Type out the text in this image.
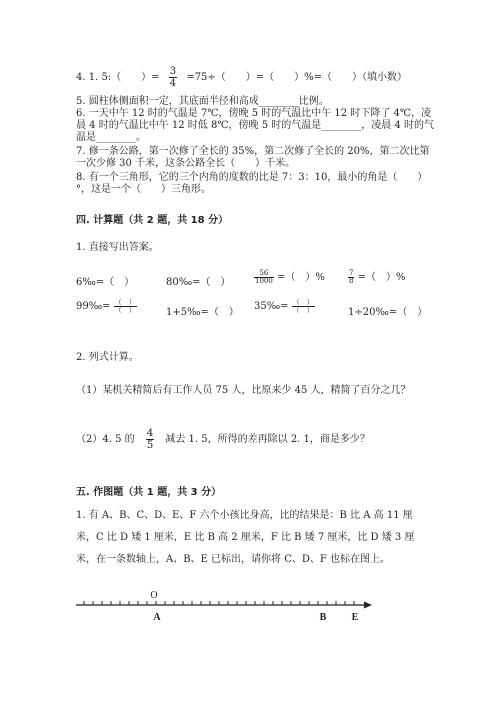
4. 1. 5:（　　）= $\frac{3}{4} =75\div$（　　）=（　　）%=（　　）（填小数）
5. 圆柱体侧面积一定，其底面半径和高成________比例。
6. 一天中午 12 时的气温是 7℃，傍晚 5 时的气温比中午 12 时下降了 4℃，凌晨 4 时的气温比中午 12 时低 8℃，傍晚 5 时的气温是________，凌晨 4 时的气温是________。
7. 修一条公路，第一次修了全长的 35%，第二次修了全长的 20%，第二次比第一次少修 30 千米，这条公路全长（　　）千米。
8. 有一个三角形，它的三个内角的度数的比是 7：3：10，最小的角是（　　）°，这是一个（　　）三角形。
四. 计算题（共 2 题，共 18 分）
1. 直接写出答案。
6‰=（　）	80‰=（　）	$\frac{56}{1000}$ =（　）%	$\frac{7}{8}$ =（　）%
99‰= $\frac{( )}{( )}$	1+5‰=（　）
35‰= $\frac{( )}{( )}$	1÷20‰=（　）
2. 列式计算。
（1）某机关精简后有工作人员 75 人，比原来少 45 人，精简了百分之几？
（2）4. 5 的 $\frac{4}{5}$ 减去 1. 5，所得的差再除以 2. 1，商是多少？
五. 作图题（共 1 题，共 3 分）
1. 有 A、B、C、D、E、F 六个小孩比身高，比的结果是：B 比 A 高 11 厘米，C 比 D 矮 1 厘米，E 比 B 高 2 厘米，F 比 B 矮 7 厘米，比 D 矮 3 厘米，在一条数轴上，A、B、E 已标出，请你将 C、D、F 也标在图上。
O
A	B	E
